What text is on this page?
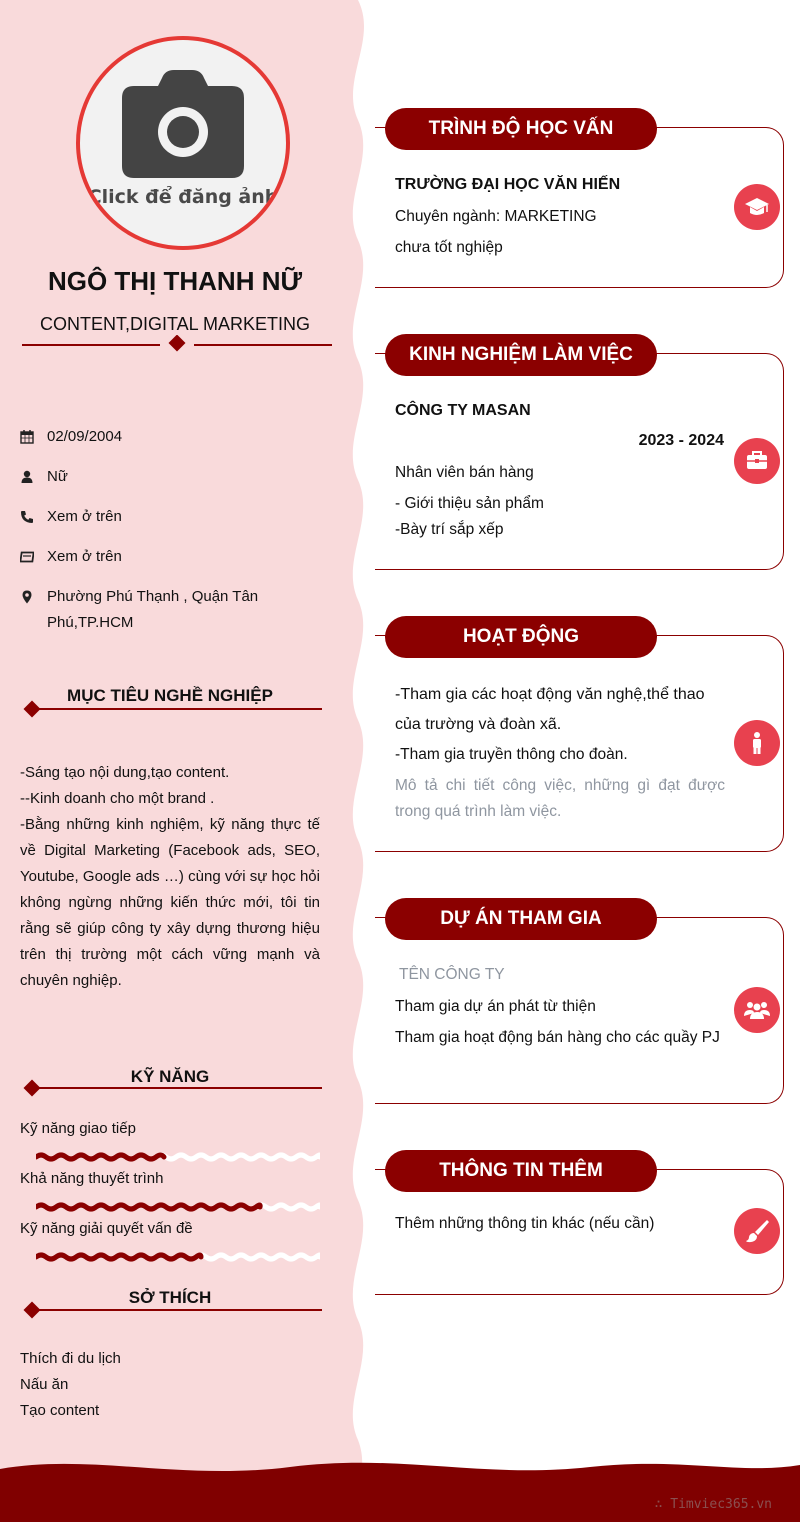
∴ Timviec365.vn
Click để đăng ảnh
NGÔ THỊ THANH NỮ
CONTENT,DIGITAL MARKETING
02/09/2004
Nữ
Xem ở trên
Xem ở trên
Phường Phú Thạnh , Quận Tân
Phú,TP.HCM
MỤC TIÊU NGHỀ NGHIỆP
-Sáng tạo nội dung,tạo content.
--Kinh doanh cho một brand .
-Bằng những kinh nghiệm, kỹ năng thực tế về Digital Marketing (Facebook ads, SEO, Youtube, Google ads …) cùng với sự học hỏi không ngừng những kiến thức mới, tôi tin rằng sẽ giúp công ty xây dựng thương hiệu trên thị trường một cách vững mạnh và chuyên nghiệp.
KỸ NĂNG
Kỹ năng giao tiếp
Khả năng thuyết trình
Kỹ năng giải quyết vấn đề
SỞ THÍCH
Thích đi du lịch
Nấu ăn
Tạo content
TRÌNH ĐỘ HỌC VẤN
TRƯỜNG ĐẠI HỌC VĂN HIẾN
Chuyên ngành: MARKETING
chưa tốt nghiệp
KINH NGHIỆM LÀM VIỆC
CÔNG TY MASAN
2023 - 2024
Nhân viên bán hàng
- Giới thiệu sản phẩm
-Bày trí sắp xếp
HOẠT ĐỘNG
-Tham gia các hoạt động văn nghệ,thể thao của trường và đoàn xã.
-Tham gia truyền thông cho đoàn.
Mô tả chi tiết công việc, những gì đạt được trong quá trình làm việc.
DỰ ÁN THAM GIA
TÊN CÔNG TY
Tham gia dự án phát từ thiện
Tham gia hoạt động bán hàng cho các quầy PJ
THÔNG TIN THÊM
Thêm những thông tin khác (nếu cần)
